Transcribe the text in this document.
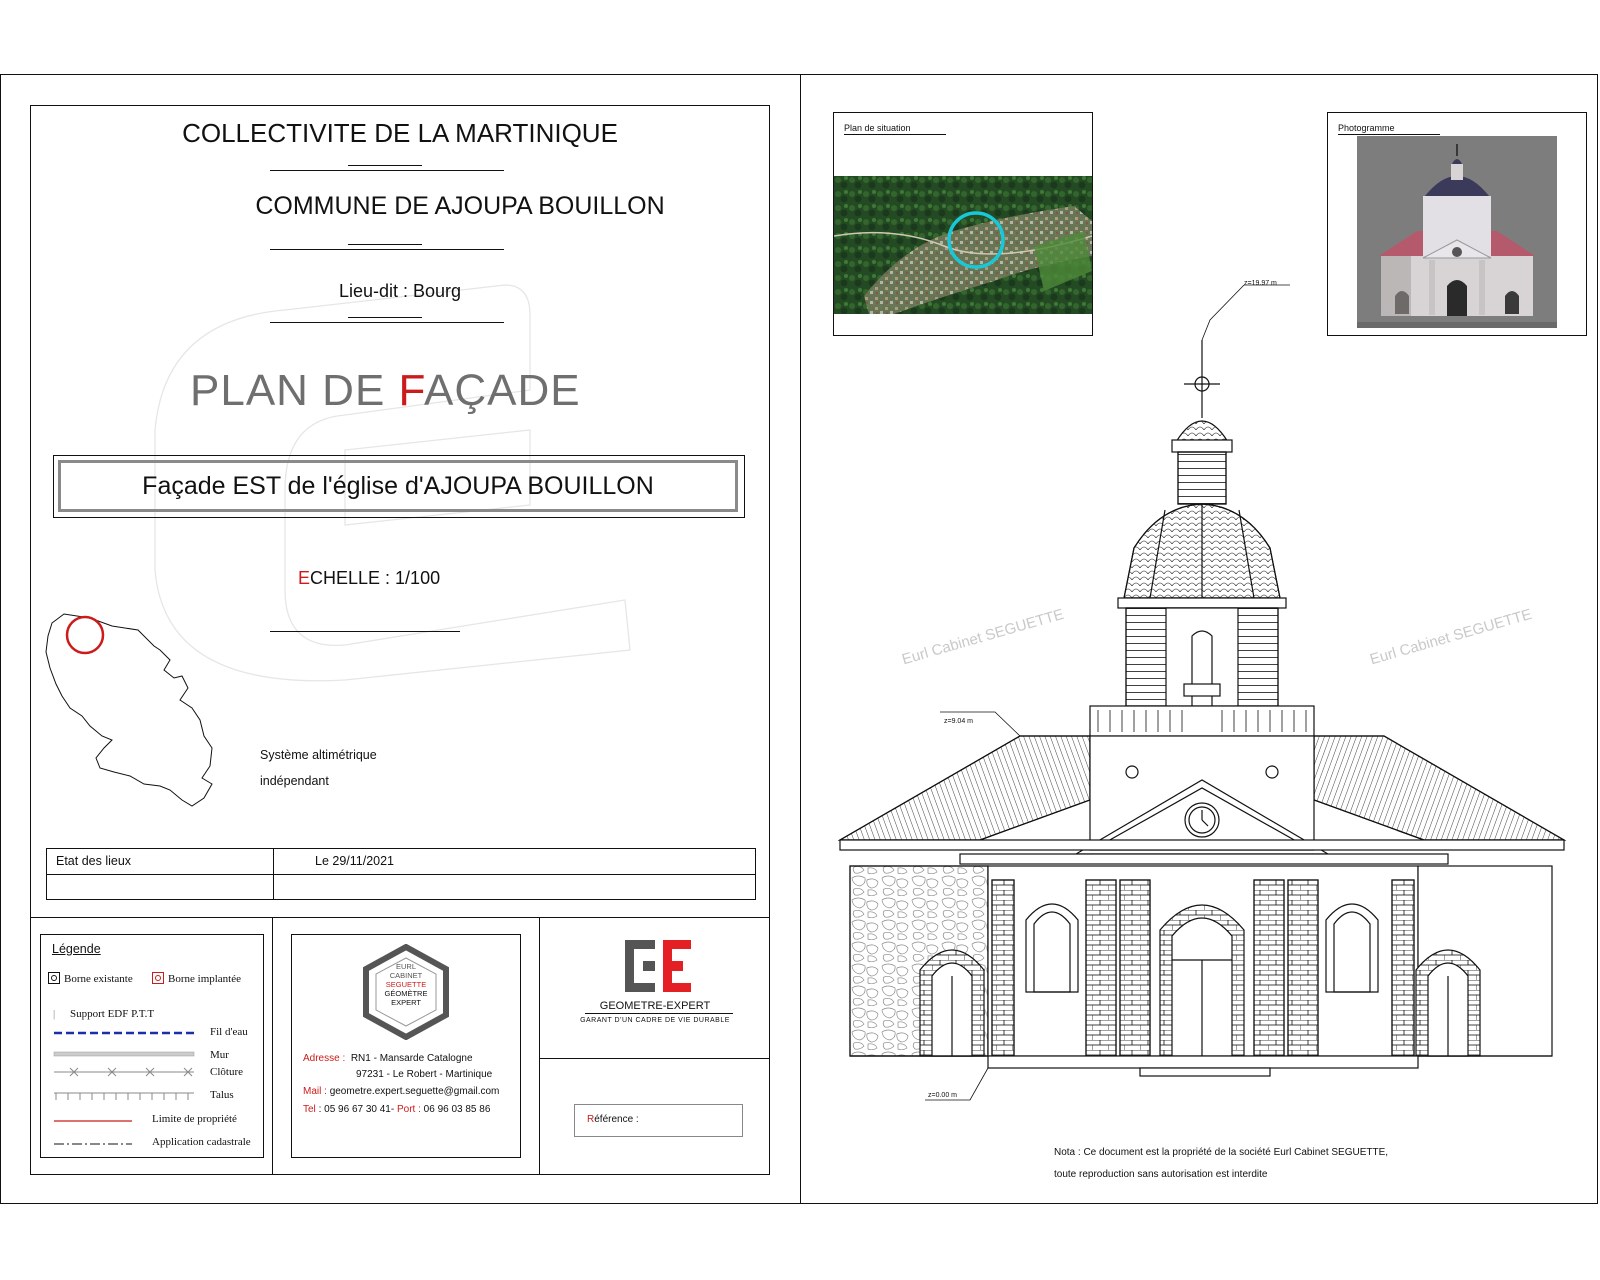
COLLECTIVITE DE LA MARTINIQUE
COMMUNE DE AJOUPA BOUILLON
Lieu-dit : Bourg
PLAN DE FAÇADE
Façade EST de l'église d'AJOUPA BOUILLON
ECHELLE : 1/100
Système altimétrique
indépendant
Etat des lieux	Le 29/11/2021
Légende
Borne existante	Borne implantée
| Support EDF P.T.T
Fil d'eau
Mur
Clôture
Talus
Limite de propriété
Application cadastrale
EURL
CABINET
SEGUETTE
GÉOMÈTRE
EXPERT
Adresse : RN1 - Mansarde Catalogne
97231 - Le Robert - Martinique
Mail : geometre.expert.seguette@gmail.com
Tel : 05 96 67 30 41- Port : 06 96 03 85 86
GEOMETRE-EXPERT
GARANT D'UN CADRE DE VIE DURABLE
Référence :
Plan de situation	Photogramme
z=19.97 m
z=9.04 m
z=0.00 m
Eurl Cabinet SEGUETTE	Eurl Cabinet SEGUETTE
Nota : Ce document est la propriété de la société Eurl Cabinet SEGUETTE,
toute reproduction sans autorisation est interdite
